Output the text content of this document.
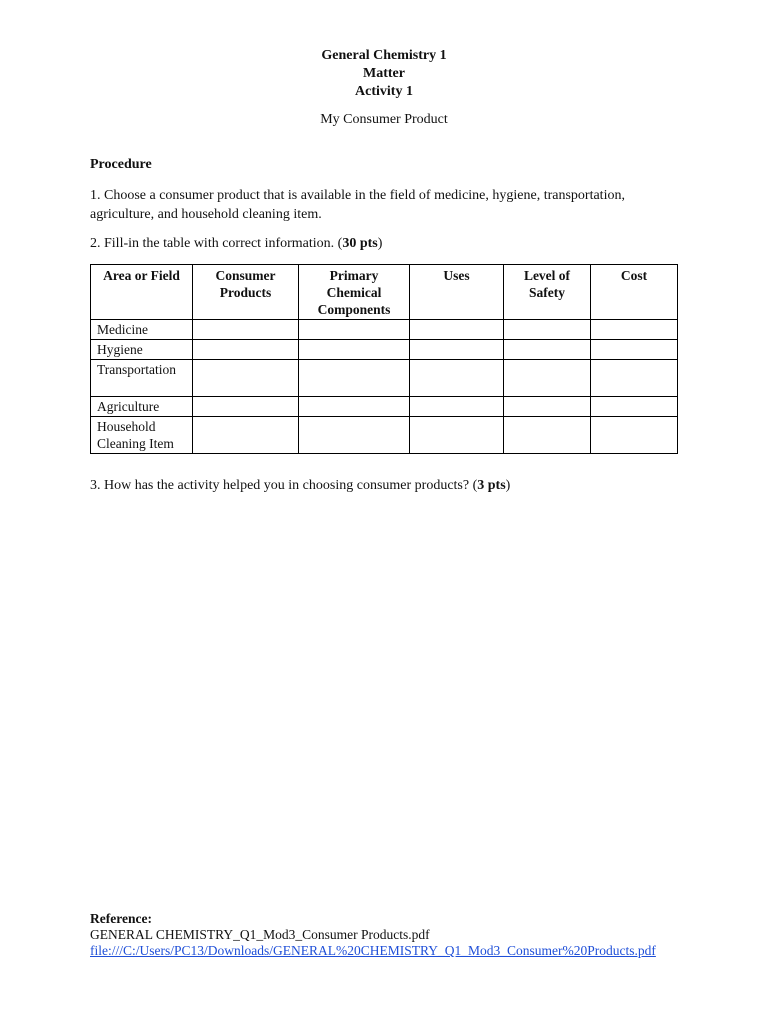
General Chemistry 1
Matter
Activity 1
My Consumer Product
Procedure
1. Choose a consumer product that is available in the field of medicine, hygiene, transportation, agriculture, and household cleaning item.
2. Fill-in the table with correct information. (30 pts)
Area or Field	Consumer Products	Primary Chemical Components	Uses	Level of Safety	Cost
Medicine					
Hygiene					
Transportation					
Agriculture					
Household Cleaning Item					
3. How has the activity helped you in choosing consumer products? (3 pts)
Reference:
GENERAL CHEMISTRY_Q1_Mod3_Consumer Products.pdf
file:///C:/Users/PC13/Downloads/GENERAL%20CHEMISTRY_Q1_Mod3_Consumer%20Products.pdf
